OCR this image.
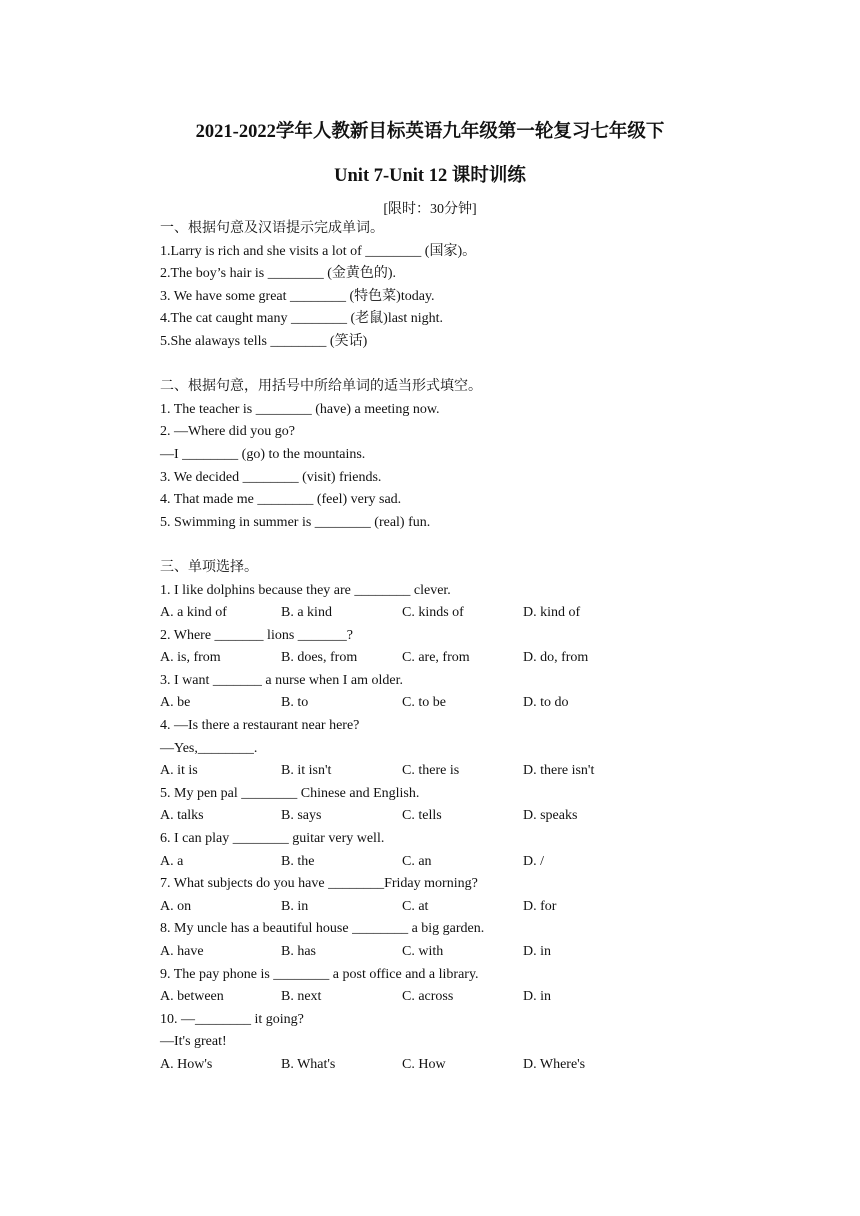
2021-2022学年人教新目标英语九年级第一轮复习七年级下
Unit 7-Unit 12 课时训练
[限时：30分钟]
一、根据句意及汉语提示完成单词。
1.Larry is rich and she visits a lot of ________ (国家)。
2.The boy’s hair is ________ (金黄色的).
3. We have some great ________ (特色菜)today.
4.The cat caught many ________ (老鼠)last night.
5.She alaways tells ________ (笑话)
二、根据句意，用括号中所给单词的适当形式填空。
1. The teacher is ________ (have) a meeting now.
2. —Where did you go?
—I ________ (go) to the mountains.
3. We decided ________ (visit) friends.
4. That made me ________ (feel) very sad.
5. Swimming in summer is ________ (real) fun.
三、单项选择。
1. I like dolphins because they are ________ clever.
A. a kind of	B. a kind	C. kinds of	D. kind of
2. Where _______ lions _______?
A. is, from	B. does, from	C. are, from	D. do, from
3. I want _______ a nurse when I am older.
A. be	B. to	C. to be	D. to do
4. —Is there a restaurant near here?
—Yes,________.
A. it is	B. it isn't	C. there is	D. there isn't
5. My pen pal ________ Chinese and English.
A. talks	B. says	C. tells	D. speaks
6. I can play ________ guitar very well.
A. a	B. the	C. an	D. /
7. What subjects do you have ________Friday morning?
A. on	B. in	C. at	D. for
8. My uncle has a beautiful house ________ a big garden.
A. have	B. has	C. with	D. in
9. The pay phone is ________ a post office and a library.
A. between	B. next	C. across	D. in
10. —________ it going?
—It's great!
A. How's	B. What's	C. How	D. Where's
